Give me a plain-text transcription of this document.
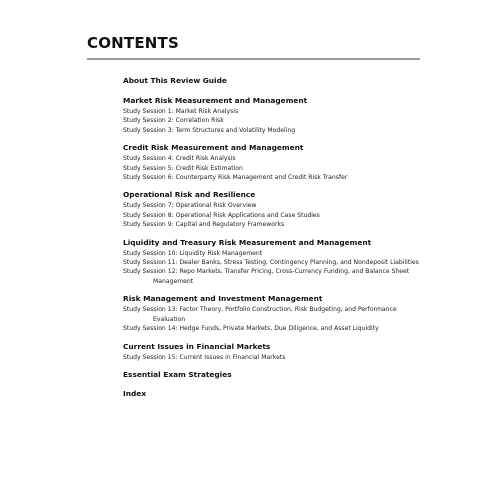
CONTENTS
About This Review Guide
Market Risk Measurement and Management
Study Session 1: Market Risk Analysis
Study Session 2: Correlation Risk
Study Session 3: Term Structures and Volatility Modeling
Credit Risk Measurement and Management
Study Session 4: Credit Risk Analysis
Study Session 5: Credit Risk Estimation
Study Session 6: Counterparty Risk Management and Credit Risk Transfer
Operational Risk and Resilience
Study Session 7: Operational Risk Overview
Study Session 8: Operational Risk Applications and Case Studies
Study Session 9: Capital and Regulatory Frameworks
Liquidity and Treasury Risk Measurement and Management
Study Session 10: Liquidity Risk Management
Study Session 11: Dealer Banks, Stress Testing, Contingency Planning, and Nondeposit Liabilities
Study Session 12: Repo Markets, Transfer Pricing, Cross-Currency Funding, and Balance Sheet Management
Risk Management and Investment Management
Study Session 13: Factor Theory, Portfolio Construction, Risk Budgeting, and Performance Evaluation
Study Session 14: Hedge Funds, Private Markets, Due Diligence, and Asset Liquidity
Current Issues in Financial Markets
Study Session 15: Current Issues in Financial Markets
Essential Exam Strategies
Index
